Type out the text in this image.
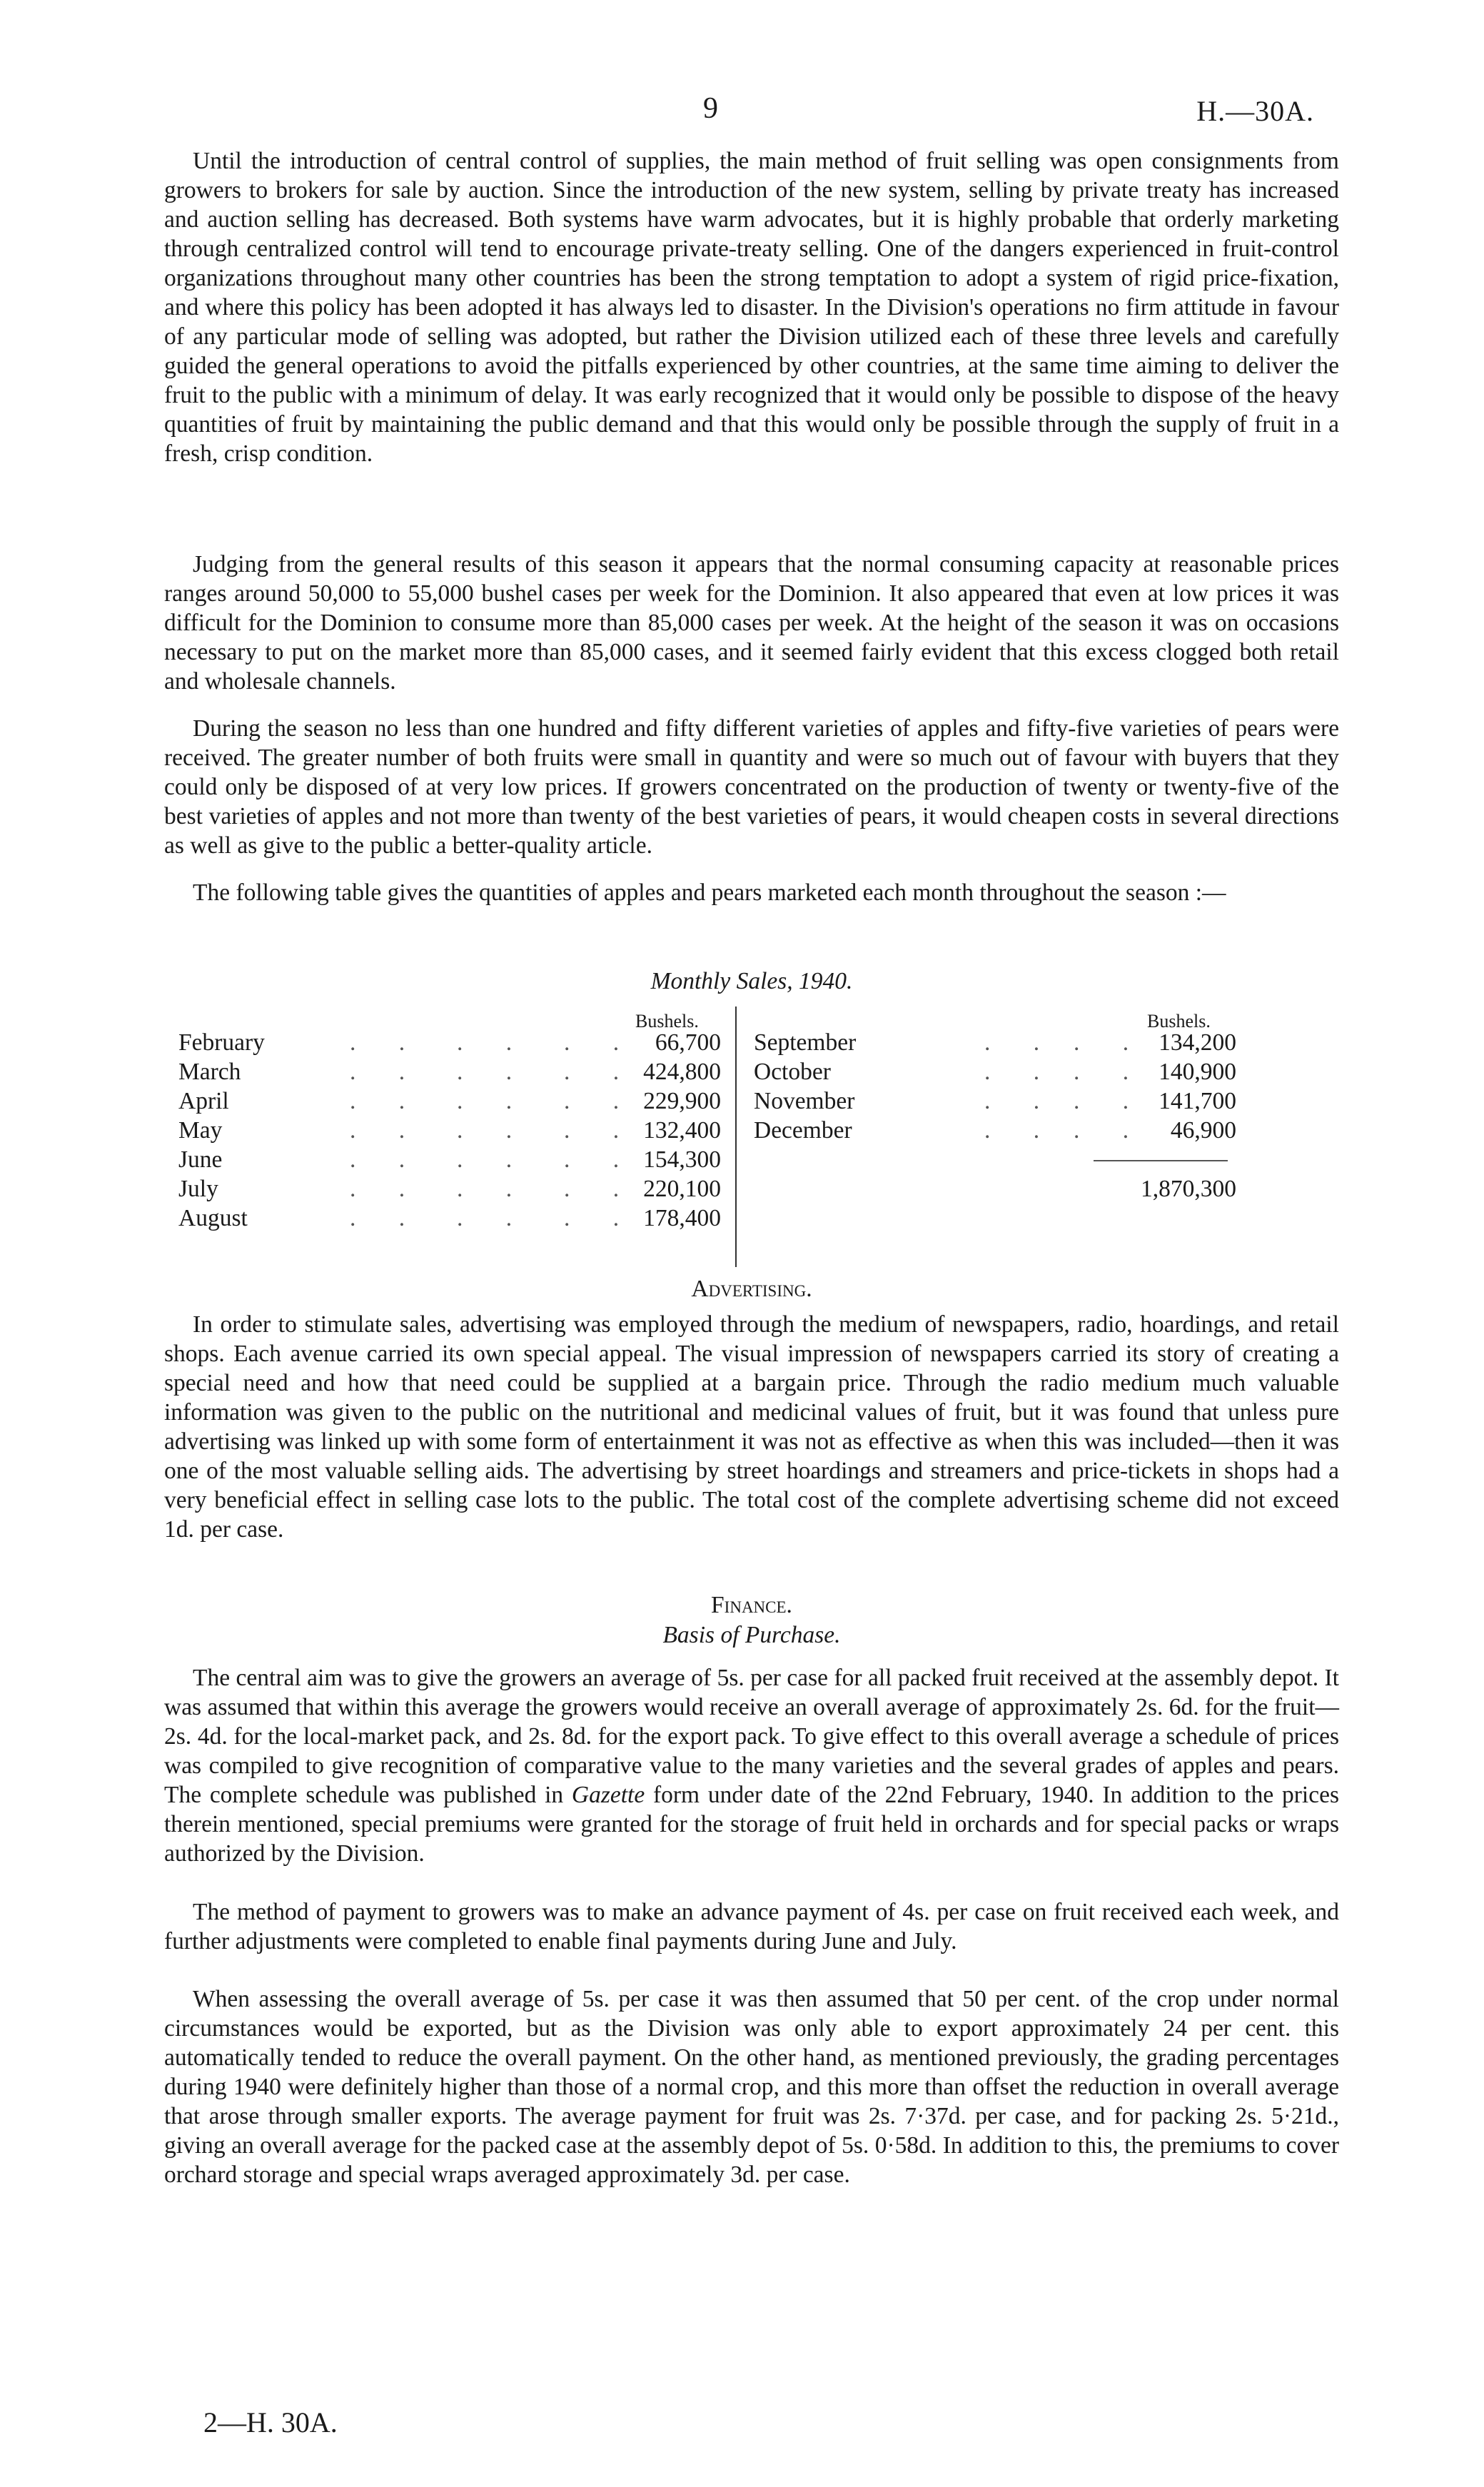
9	H.—30A.

Until the introduction of central control of supplies, the main method of fruit selling was open consignments from growers to brokers for sale by auction. Since the introduction of the new system, selling by private treaty has increased and auction selling has decreased. Both systems have warm advocates, but it is highly probable that orderly marketing through centralized control will tend to encourage private-treaty selling. One of the dangers experienced in fruit-control organizations throughout many other countries has been the strong temptation to adopt a system of rigid price-fixation, and where this policy has been adopted it has always led to disaster. In the Division's operations no firm attitude in favour of any particular mode of selling was adopted, but rather the Division utilized each of these three levels and carefully guided the general operations to avoid the pitfalls experienced by other countries, at the same time aiming to deliver the fruit to the public with a minimum of delay. It was early recognized that it would only be possible to dispose of the heavy quantities of fruit by maintaining the public demand and that this would only be possible through the supply of fruit in a fresh, crisp condition.

Judging from the general results of this season it appears that the normal consuming capacity at reasonable prices ranges around 50,000 to 55,000 bushel cases per week for the Dominion. It also appeared that even at low prices it was difficult for the Dominion to consume more than 85,000 cases per week. At the height of the season it was on occasions necessary to put on the market more than 85,000 cases, and it seemed fairly evident that this excess clogged both retail and wholesale channels.

During the season no less than one hundred and fifty different varieties of apples and fifty-five varieties of pears were received. The greater number of both fruits were small in quantity and were so much out of favour with buyers that they could only be disposed of at very low prices. If growers concentrated on the production of twenty or twenty-five of the best varieties of apples and not more than twenty of the best varieties of pears, it would cheapen costs in several directions as well as give to the public a better-quality article.

The following table gives the quantities of apples and pears marketed each month throughout the season :—

Monthly Sales, 1940.
Bushels.
February	. . . . . . 66,700
March	. . . . . . 424,800
April	. . . . . . 229,900
May	. . . . . . 132,400
June	. . . . . . 154,300
July	. . . . . . 220,100
August	. . . . . . 178,400
Bushels.
September	. . . . 134,200
October	. . . . 140,900
November	. . . . 141,700
December	. . . . 46,900
1,870,300
Advertising.

In order to stimulate sales, advertising was employed through the medium of newspapers, radio, hoardings, and retail shops. Each avenue carried its own special appeal. The visual impression of newspapers carried its story of creating a special need and how that need could be supplied at a bargain price. Through the radio medium much valuable information was given to the public on the nutritional and medicinal values of fruit, but it was found that unless pure advertising was linked up with some form of entertainment it was not as effective as when this was included—then it was one of the most valuable selling aids. The advertising by street hoardings and streamers and price-tickets in shops had a very beneficial effect in selling case lots to the public. The total cost of the complete advertising scheme did not exceed 1d. per case.

Finance.
Basis of Purchase.

The central aim was to give the growers an average of 5s. per case for all packed fruit received at the assembly depot. It was assumed that within this average the growers would receive an overall average of approximately 2s. 6d. for the fruit—2s. 4d. for the local-market pack, and 2s. 8d. for the export pack. To give effect to this overall average a schedule of prices was compiled to give recognition of comparative value to the many varieties and the several grades of apples and pears. The complete schedule was published in Gazette form under date of the 22nd February, 1940. In addition to the prices therein mentioned, special premiums were granted for the storage of fruit held in orchards and for special packs or wraps authorized by the Division.

The method of payment to growers was to make an advance payment of 4s. per case on fruit received each week, and further adjustments were completed to enable final payments during June and July.

When assessing the overall average of 5s. per case it was then assumed that 50 per cent. of the crop under normal circumstances would be exported, but as the Division was only able to export approximately 24 per cent. this automatically tended to reduce the overall payment. On the other hand, as mentioned previously, the grading percentages during 1940 were definitely higher than those of a normal crop, and this more than offset the reduction in overall average that arose through smaller exports. The average payment for fruit was 2s. 7·37d. per case, and for packing 2s. 5·21d., giving an overall average for the packed case at the assembly depot of 5s. 0·58d. In addition to this, the premiums to cover orchard storage and special wraps averaged approximately 3d. per case.

2—H. 30A.
